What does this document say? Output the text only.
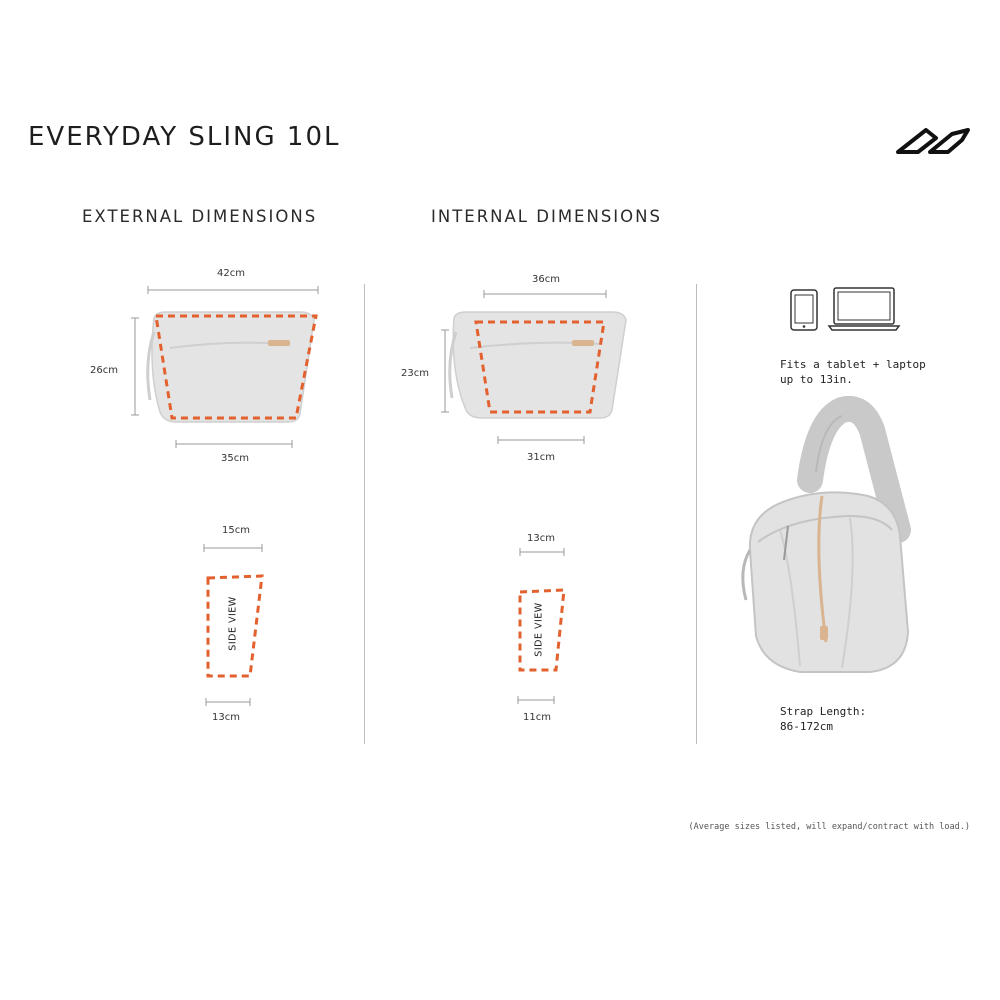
EVERYDAY SLING 10L
EXTERNAL DIMENSIONS	INTERNAL DIMENSIONS
42cm
26cm
35cm
15cm
SIDE VIEW
13cm
36cm
23cm
31cm
13cm
SIDE VIEW
11cm
Fits a tablet + laptop
up to 13in.
Strap Length:
86-172cm
(Average sizes listed, will expand/contract with load.)
